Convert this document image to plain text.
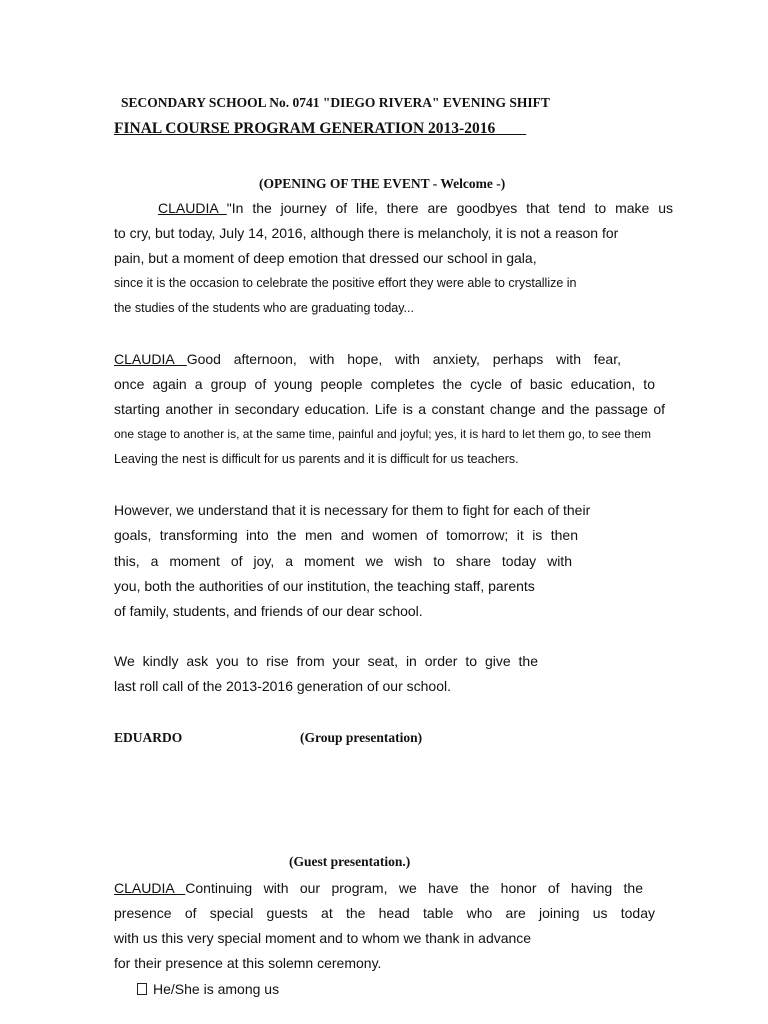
SECONDARY SCHOOL No. 0741 "DIEGO RIVERA" EVENING SHIFT
FINAL COURSE PROGRAM GENERATION 2013-2016
(OPENING OF THE EVENT - Welcome -)
CLAUDIA "In the journey of life, there are goodbyes that tend to make us
to cry, but today, July 14, 2016, although there is melancholy, it is not a reason for
pain, but a moment of deep emotion that dressed our school in gala,
since it is the occasion to celebrate the positive effort they were able to crystallize in
the studies of the students who are graduating today...
CLAUDIA Good afternoon, with hope, with anxiety, perhaps with fear,
once again a group of young people completes the cycle of basic education, to
starting another in secondary education. Life is a constant change and the passage of
one stage to another is, at the same time, painful and joyful; yes, it is hard to let them go, to see them
Leaving the nest is difficult for us parents and it is difficult for us teachers.
However, we understand that it is necessary for them to fight for each of their
goals, transforming into the men and women of tomorrow; it is then
this, a moment of joy, a moment we wish to share today with
you, both the authorities of our institution, the teaching staff, parents
of family, students, and friends of our dear school.
We kindly ask you to rise from your seat, in order to give the
last roll call of the 2013-2016 generation of our school.
EDUARDO	(Group presentation)
(Guest presentation.)
CLAUDIA Continuing with our program, we have the honor of having the
presence of special guests at the head table who are joining us today
with us this very special moment and to whom we thank in advance
for their presence at this solemn ceremony.
He/She is among us
